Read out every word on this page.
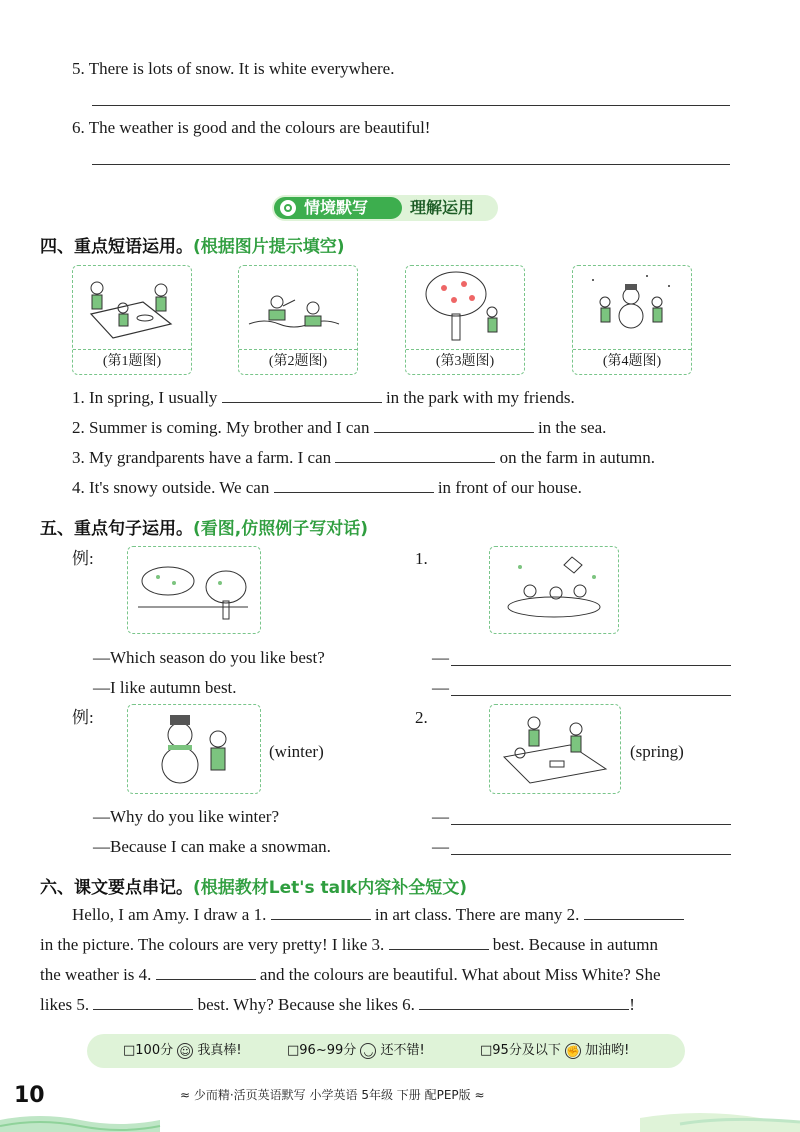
5. There is lots of snow. It is white everywhere.
6. The weather is good and the colours are beautiful!
情境默写	理解运用
四、重点短语运用。(根据图片提示填空)
(第1题图)	(第2题图)	(第3题图)	(第4题图)
1. In spring, I usually	in the park with my friends.
2. Summer is coming. My brother and I can	in the sea.
3. My grandparents have a farm. I can	on the farm in autumn.
4. It's snowy outside. We can	in front of our house.
五、重点句子运用。(看图,仿照例子写对话)
例:	1.
—Which season do you like best?
—I like autumn best.
—
—
例:
(winter)
2.
(spring)
—Why do you like winter?
—Because I can make a snowman.
—
—
六、课文要点串记。(根据教材Let's talk内容补全短文)
Hello, I am Amy. I draw a 1.	in art class. There are many 2.
in the picture. The colours are very pretty! I like 3.	best. Because in autumn
the weather is 4.	and the colours are beautiful. What about Miss White? She
likes 5.	best. Why? Because she likes 6.	!
□100分 ☺ 我真棒!	□96~99分 ◡ 还不错!	□95分及以下 ✊ 加油哟!
10	≈ 少而精·活页英语默写 小学英语 5年级 下册 配PEP版 ≈
